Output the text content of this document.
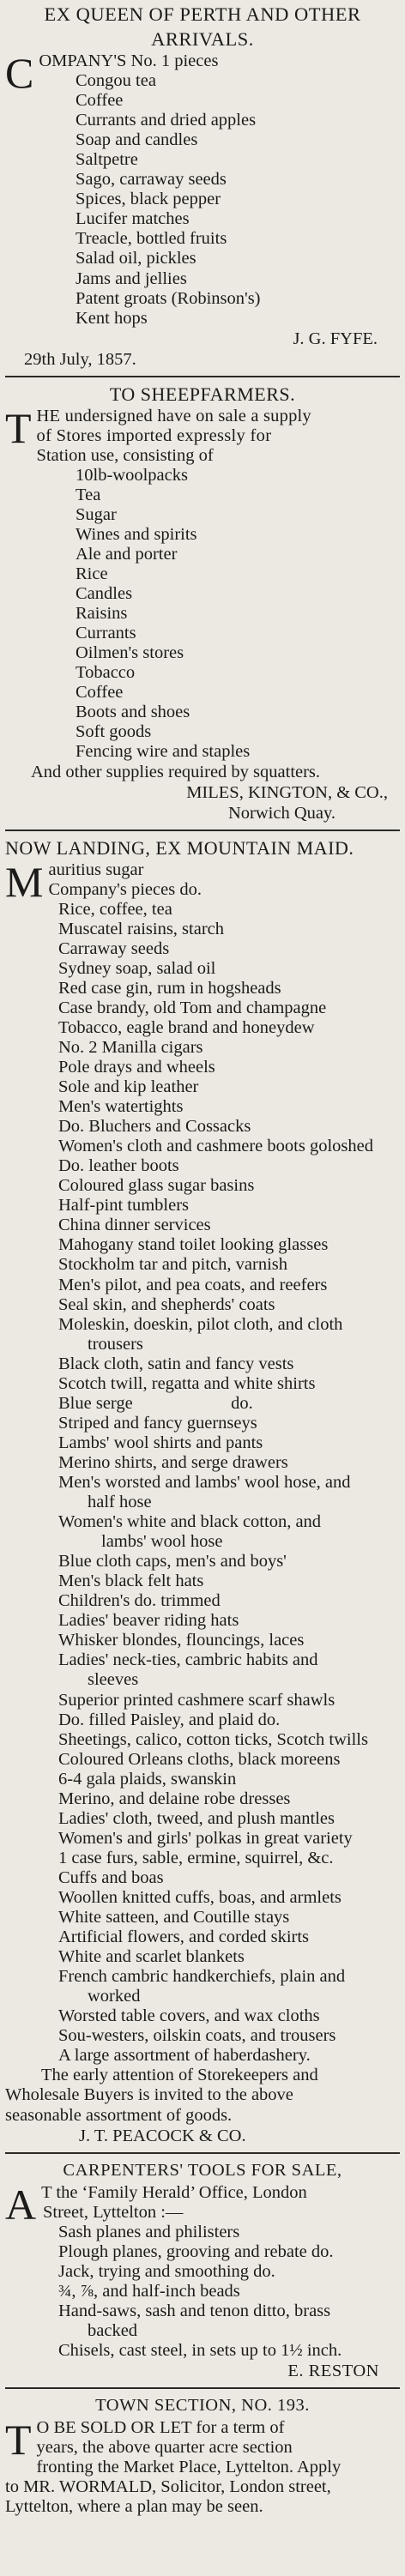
EX QUEEN OF PERTH AND OTHER
ARRIVALS.
C OMPANY'S No. 1 pieces
Congou tea
Coffee
Currants and dried apples
Soap and candles
Saltpetre
Sago, carraway seeds
Spices, black pepper
Lucifer matches
Treacle, bottled fruits
Salad oil, pickles
Jams and jellies
Patent groats (Robinson's)
Kent hops
J. G. FYFE.
29th July, 1857.
TO SHEEPFARMERS.
T HE undersigned have on sale a supply
of Stores imported expressly for
Station use, consisting of
10lb-woolpacks
Tea
Sugar
Wines and spirits
Ale and porter
Rice
Candles
Raisins
Currants
Oilmen's stores
Tobacco
Coffee
Boots and shoes
Soft goods
Fencing wire and staples
And other supplies required by squatters.
MILES, KINGTON, & CO.,
Norwich Quay.
NOW LANDING, EX MOUNTAIN MAID.
M auritius sugar
Company's pieces do.
Rice, coffee, tea
Muscatel raisins, starch
Carraway seeds
Sydney soap, salad oil
Red case gin, rum in hogsheads
Case brandy, old Tom and champagne
Tobacco, eagle brand and honeydew
No. 2 Manilla cigars
Pole drays and wheels
Sole and kip leather
Men's watertights
Do. Bluchers and Cossacks
Women's cloth and cashmere boots goloshed
Do. leather boots
Coloured glass sugar basins
Half-pint tumblers
China dinner services
Mahogany stand toilet looking glasses
Stockholm tar and pitch, varnish
Men's pilot, and pea coats, and reefers
Seal skin, and shepherds' coats
Moleskin, doeskin, pilot cloth, and cloth
trousers
Black cloth, satin and fancy vests
Scotch twill, regatta and white shirts
Blue serge	do.
Striped and fancy guernseys
Lambs' wool shirts and pants
Merino shirts, and serge drawers
Men's worsted and lambs' wool hose, and
half hose
Women's white and black cotton, and
lambs' wool hose
Blue cloth caps, men's and boys'
Men's black felt hats
Children's do. trimmed
Ladies' beaver riding hats
Whisker blondes, flouncings, laces
Ladies' neck-ties, cambric habits and
sleeves
Superior printed cashmere scarf shawls
Do. filled Paisley, and plaid do.
Sheetings, calico, cotton ticks, Scotch twills
Coloured Orleans cloths, black moreens
6-4 gala plaids, swanskin
Merino, and delaine robe dresses
Ladies' cloth, tweed, and plush mantles
Women's and girls' polkas in great variety
1 case furs, sable, ermine, squirrel, &c.
Cuffs and boas
Woollen knitted cuffs, boas, and armlets
White satteen, and Coutille stays
Artificial flowers, and corded skirts
White and scarlet blankets
French cambric handkerchiefs, plain and
worked
Worsted table covers, and wax cloths
Sou-westers, oilskin coats, and trousers
A large assortment of haberdashery.
The early attention of Storekeepers and
Wholesale Buyers is invited to the above
seasonable assortment of goods.
J. T. PEACOCK & CO.
CARPENTERS' TOOLS FOR SALE,
A T the ‘Family Herald’ Office, London
Street, Lyttelton :—
Sash planes and philisters
Plough planes, grooving and rebate do.
Jack, trying and smoothing do.
¾, ⅞, and half-inch beads
Hand-saws, sash and tenon ditto, brass
backed
Chisels, cast steel, in sets up to 1½ inch.
E. RESTON
TOWN SECTION, NO. 193.
T O BE SOLD OR LET for a term of
years, the above quarter acre section
fronting the Market Place, Lyttelton. Apply
to MR. WORMALD, Solicitor, London street,
Lyttelton, where a plan may be seen.
